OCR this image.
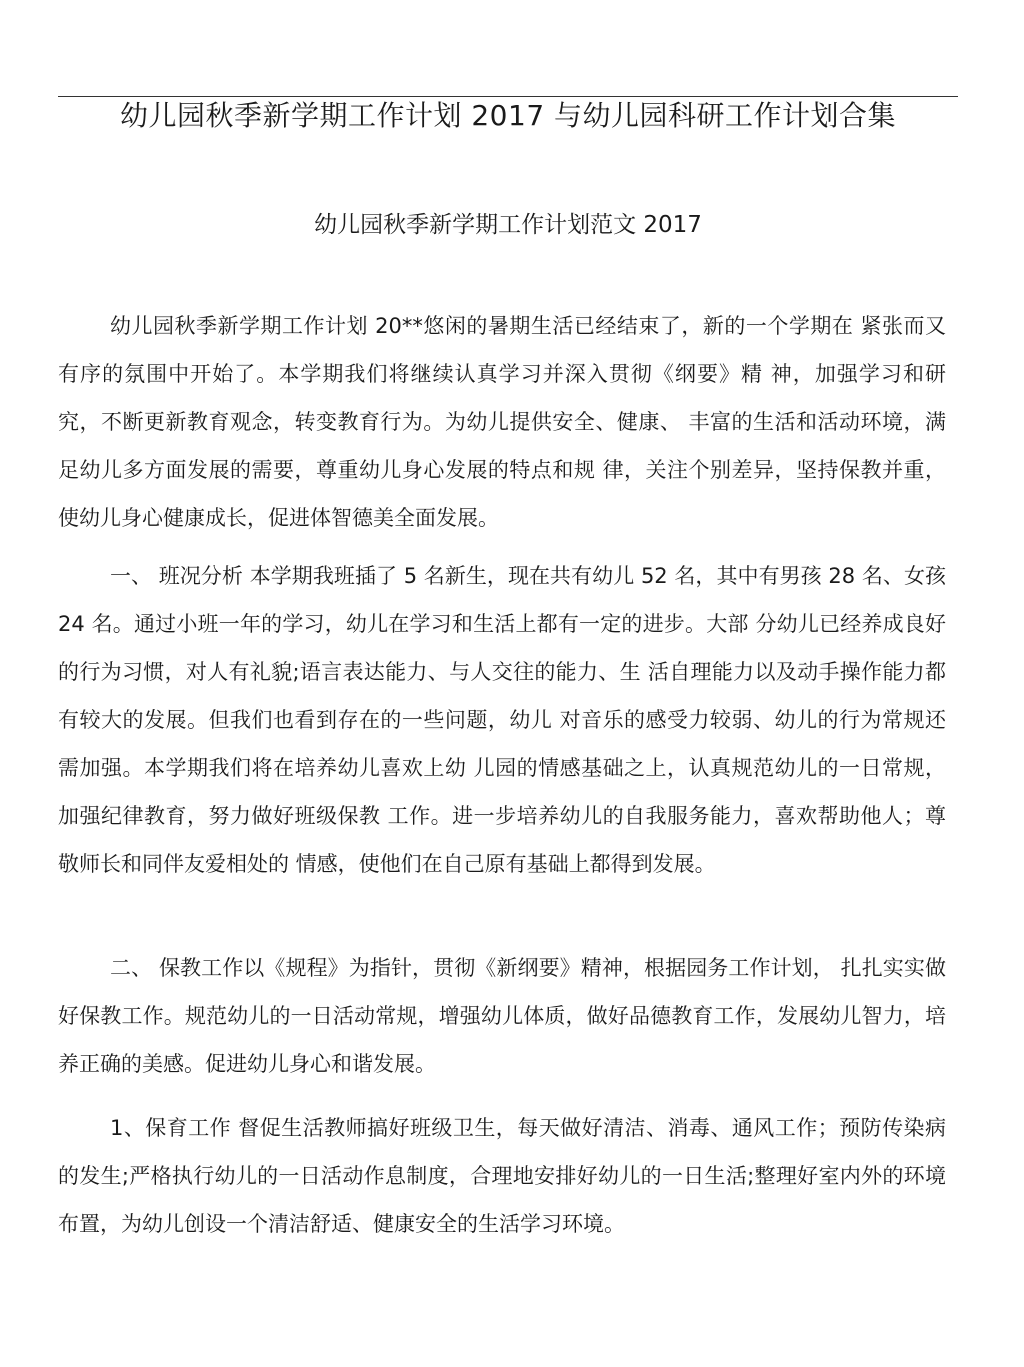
幼儿园秋季新学期工作计划 2017 与幼儿园科研工作计划合集
幼儿园秋季新学期工作计划范文 2017

幼儿园秋季新学期工作计划 20**悠闲的暑期生活已经结束了，新的一个学期在 紧张而又有序的氛围中开始了。本学期我们将继续认真学习并深入贯彻《纲要》精 神，加强学习和研究，不断更新教育观念，转变教育行为。为幼儿提供安全、健康、 丰富的生活和活动环境，满足幼儿多方面发展的需要，尊重幼儿身心发展的特点和规 律，关注个别差异，坚持保教并重，使幼儿身心健康成长，促进体智德美全面发展。

一、 班况分析 本学期我班插了 5 名新生，现在共有幼儿 52 名，其中有男孩 28 名、女孩 24 名。通过小班一年的学习，幼儿在学习和生活上都有一定的进步。大部 分幼儿已经养成良好的行为习惯，对人有礼貌;语言表达能力、与人交往的能力、生 活自理能力以及动手操作能力都有较大的发展。但我们也看到存在的一些问题，幼儿 对音乐的感受力较弱、幼儿的行为常规还需加强。本学期我们将在培养幼儿喜欢上幼 儿园的情感基础之上，认真规范幼儿的一日常规，加强纪律教育，努力做好班级保教 工作。进一步培养幼儿的自我服务能力，喜欢帮助他人；尊敬师长和同伴友爱相处的 情感，使他们在自己原有基础上都得到发展。

二、 保教工作以《规程》为指针，贯彻《新纲要》精神，根据园务工作计划， 扎扎实实做好保教工作。规范幼儿的一日活动常规，增强幼儿体质，做好品德教育工作，发展幼儿智力，培养正确的美感。促进幼儿身心和谐发展。

1、保育工作 督促生活教师搞好班级卫生，每天做好清洁、消毒、通风工作；预防传染病的发生;严格执行幼儿的一日活动作息制度，合理地安排好幼儿的一日生活;整理好室内外的环境布置，为幼儿创设一个清洁舒适、健康安全的生活学习环境。
